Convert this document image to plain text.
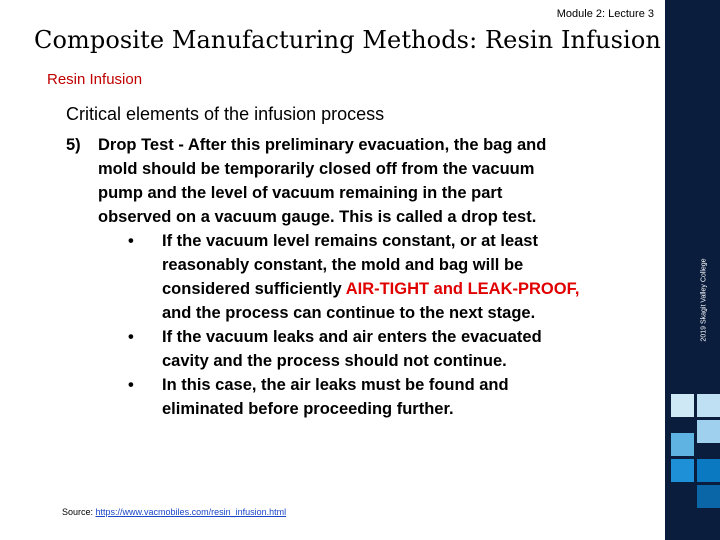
Module 2: Lecture 3
Composite Manufacturing Methods: Resin Infusion
Resin Infusion
Critical elements of the infusion process
5) Drop Test - After this preliminary evacuation, the bag and
mold should be temporarily closed off from the vacuum
pump and the level of vacuum remaining in the part
observed on a vacuum gauge. This is called a drop test.
• If the vacuum level remains constant, or at least
reasonably constant, the mold and bag will be
considered sufficiently AIR-TIGHT and LEAK-PROOF,
and the process can continue to the next stage.
• If the vacuum leaks and air enters the evacuated
cavity and the process should not continue.
• In this case, the air leaks must be found and
eliminated before proceeding further.
Source: https://www.vacmobiles.com/resin_infusion.html
2019 Skagit Valley College
